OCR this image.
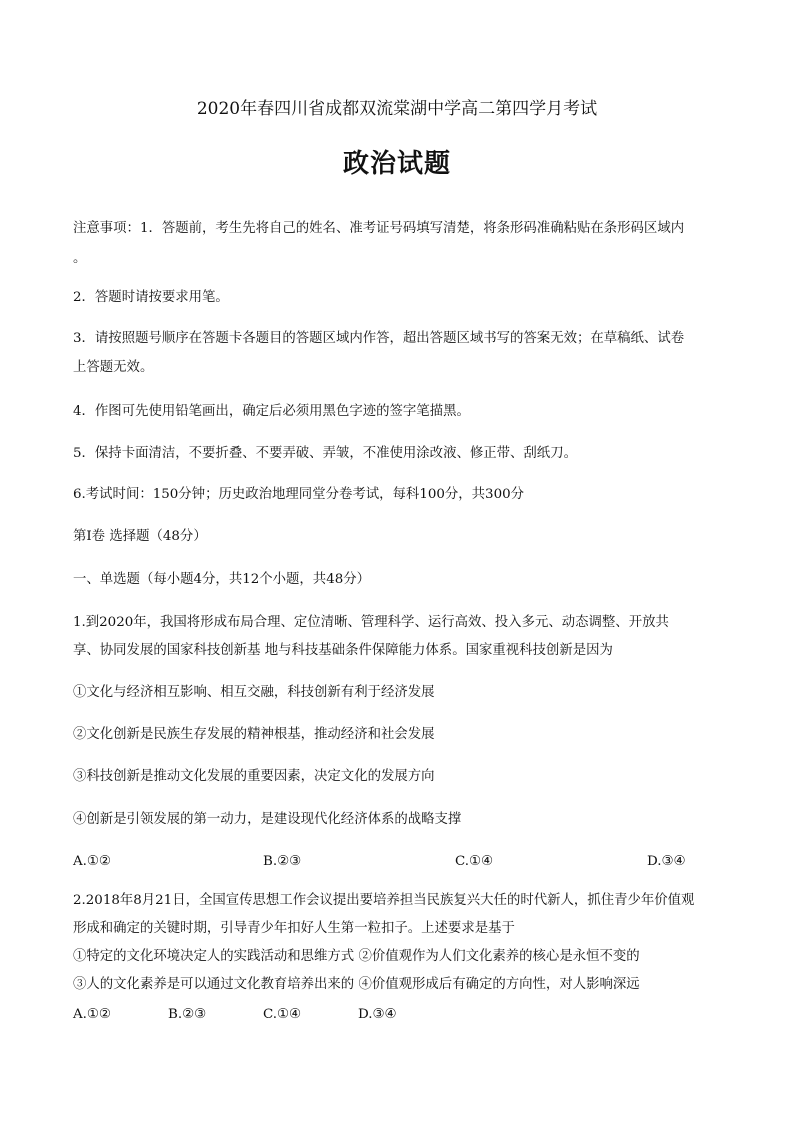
2020年春四川省成都双流棠湖中学高二第四学月考试
政治试题
注意事项：1．答题前，考生先将自己的姓名、准考证号码填写清楚，将条形码准确粘贴在条形码区域内
。
2．答题时请按要求用笔。
3．请按照题号顺序在答题卡各题目的答题区域内作答，超出答题区域书写的答案无效；在草稿纸、试卷
上答题无效。
4．作图可先使用铅笔画出，确定后必须用黑色字迹的签字笔描黑。
5．保持卡面清洁，不要折叠、不要弄破、弄皱，不准使用涂改液、修正带、刮纸刀。
6.考试时间：150分钟；历史政治地理同堂分卷考试，每科100分，共300分
第Ⅰ卷 选择题（48分）
一、单选题（每小题4分，共12个小题，共48分）
1.到2020年，我国将形成布局合理、定位清晰、管理科学、运行高效、投入多元、动态调整、开放共
享、协同发展的国家科技创新基 地与科技基础条件保障能力体系。国家重视科技创新是因为
①文化与经济相互影响、相互交融，科技创新有利于经济发展
②文化创新是民族生存发展的精神根基，推动经济和社会发展
③科技创新是推动文化发展的重要因素，决定文化的发展方向
④创新是引领发展的第一动力，是建设现代化经济体系的战略支撑
A.①②	B.②③	C.①④	D.③④
2.2018年8月21日，全国宣传思想工作会议提出要培养担当民族复兴大任的时代新人，抓住青少年价值观
形成和确定的关键时期，引导青少年扣好人生第一粒扣子。上述要求是基于
①特定的文化环境决定人的实践活动和思维方式 ②价值观作为人们文化素养的核心是永恒不变的
③人的文化素养是可以通过文化教育培养出来的 ④价值观形成后有确定的方向性，对人影响深远
A.①②	B.②③	C.①④	D.③④
